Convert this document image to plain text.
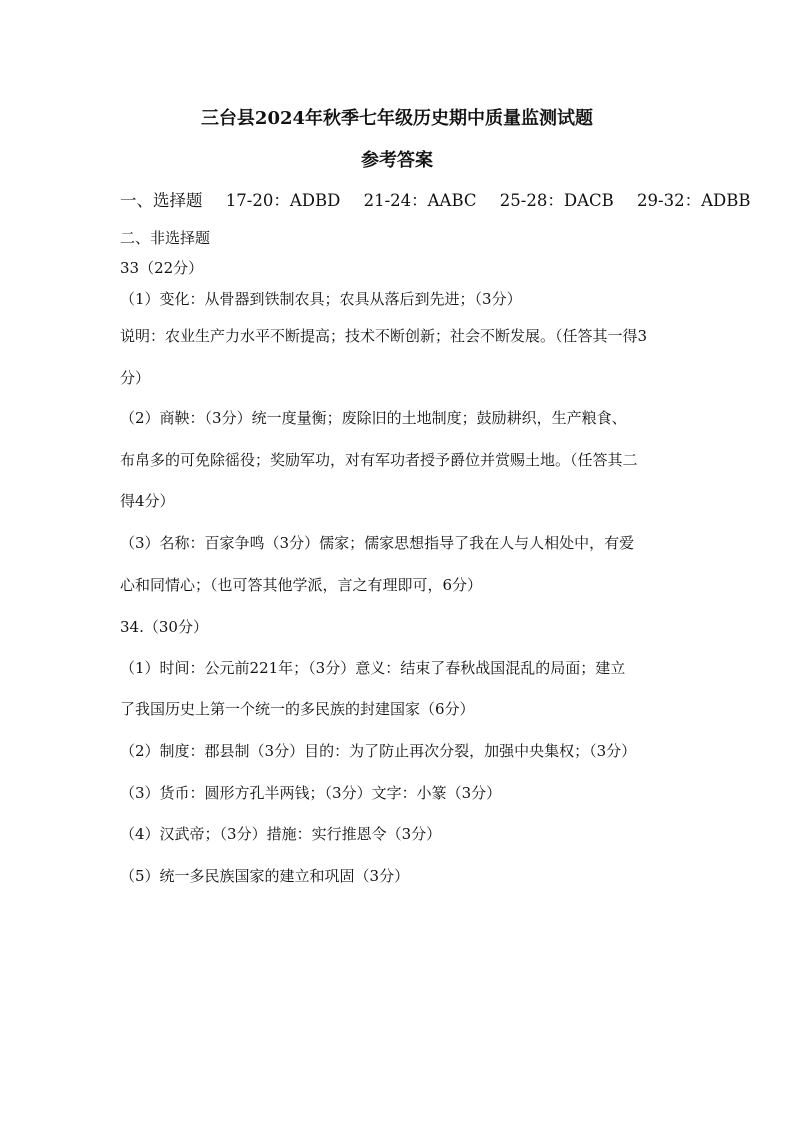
三台县2024年秋季七年级历史期中质量监测试题
参考答案
一、选择题 17-20：ADBD 21-24：AABC 25-28：DACB 29-32：ADBB
二、非选择题
33（22分）
（1）变化：从骨器到铁制农具；农具从落后到先进；（3分）
说明：农业生产力水平不断提高；技术不断创新；社会不断发展。（任答其一得3
分）
（2）商鞅：（3分）统一度量衡；废除旧的土地制度；鼓励耕织，生产粮食、
布帛多的可免除徭役；奖励军功，对有军功者授予爵位并赏赐土地。（任答其二
得4分）
（3）名称：百家争鸣（3分）儒家；儒家思想指导了我在人与人相处中，有爱
心和同情心；（也可答其他学派，言之有理即可，6分）
34.（30分）
（1）时间：公元前221年；（3分）意义：结束了春秋战国混乱的局面；建立
了我国历史上第一个统一的多民族的封建国家（6分）
（2）制度：郡县制（3分）目的：为了防止再次分裂，加强中央集权；（3分）
（3）货币：圆形方孔半两钱；（3分）文字：小篆（3分）
（4）汉武帝；（3分）措施：实行推恩令（3分）
（5）统一多民族国家的建立和巩固（3分）
